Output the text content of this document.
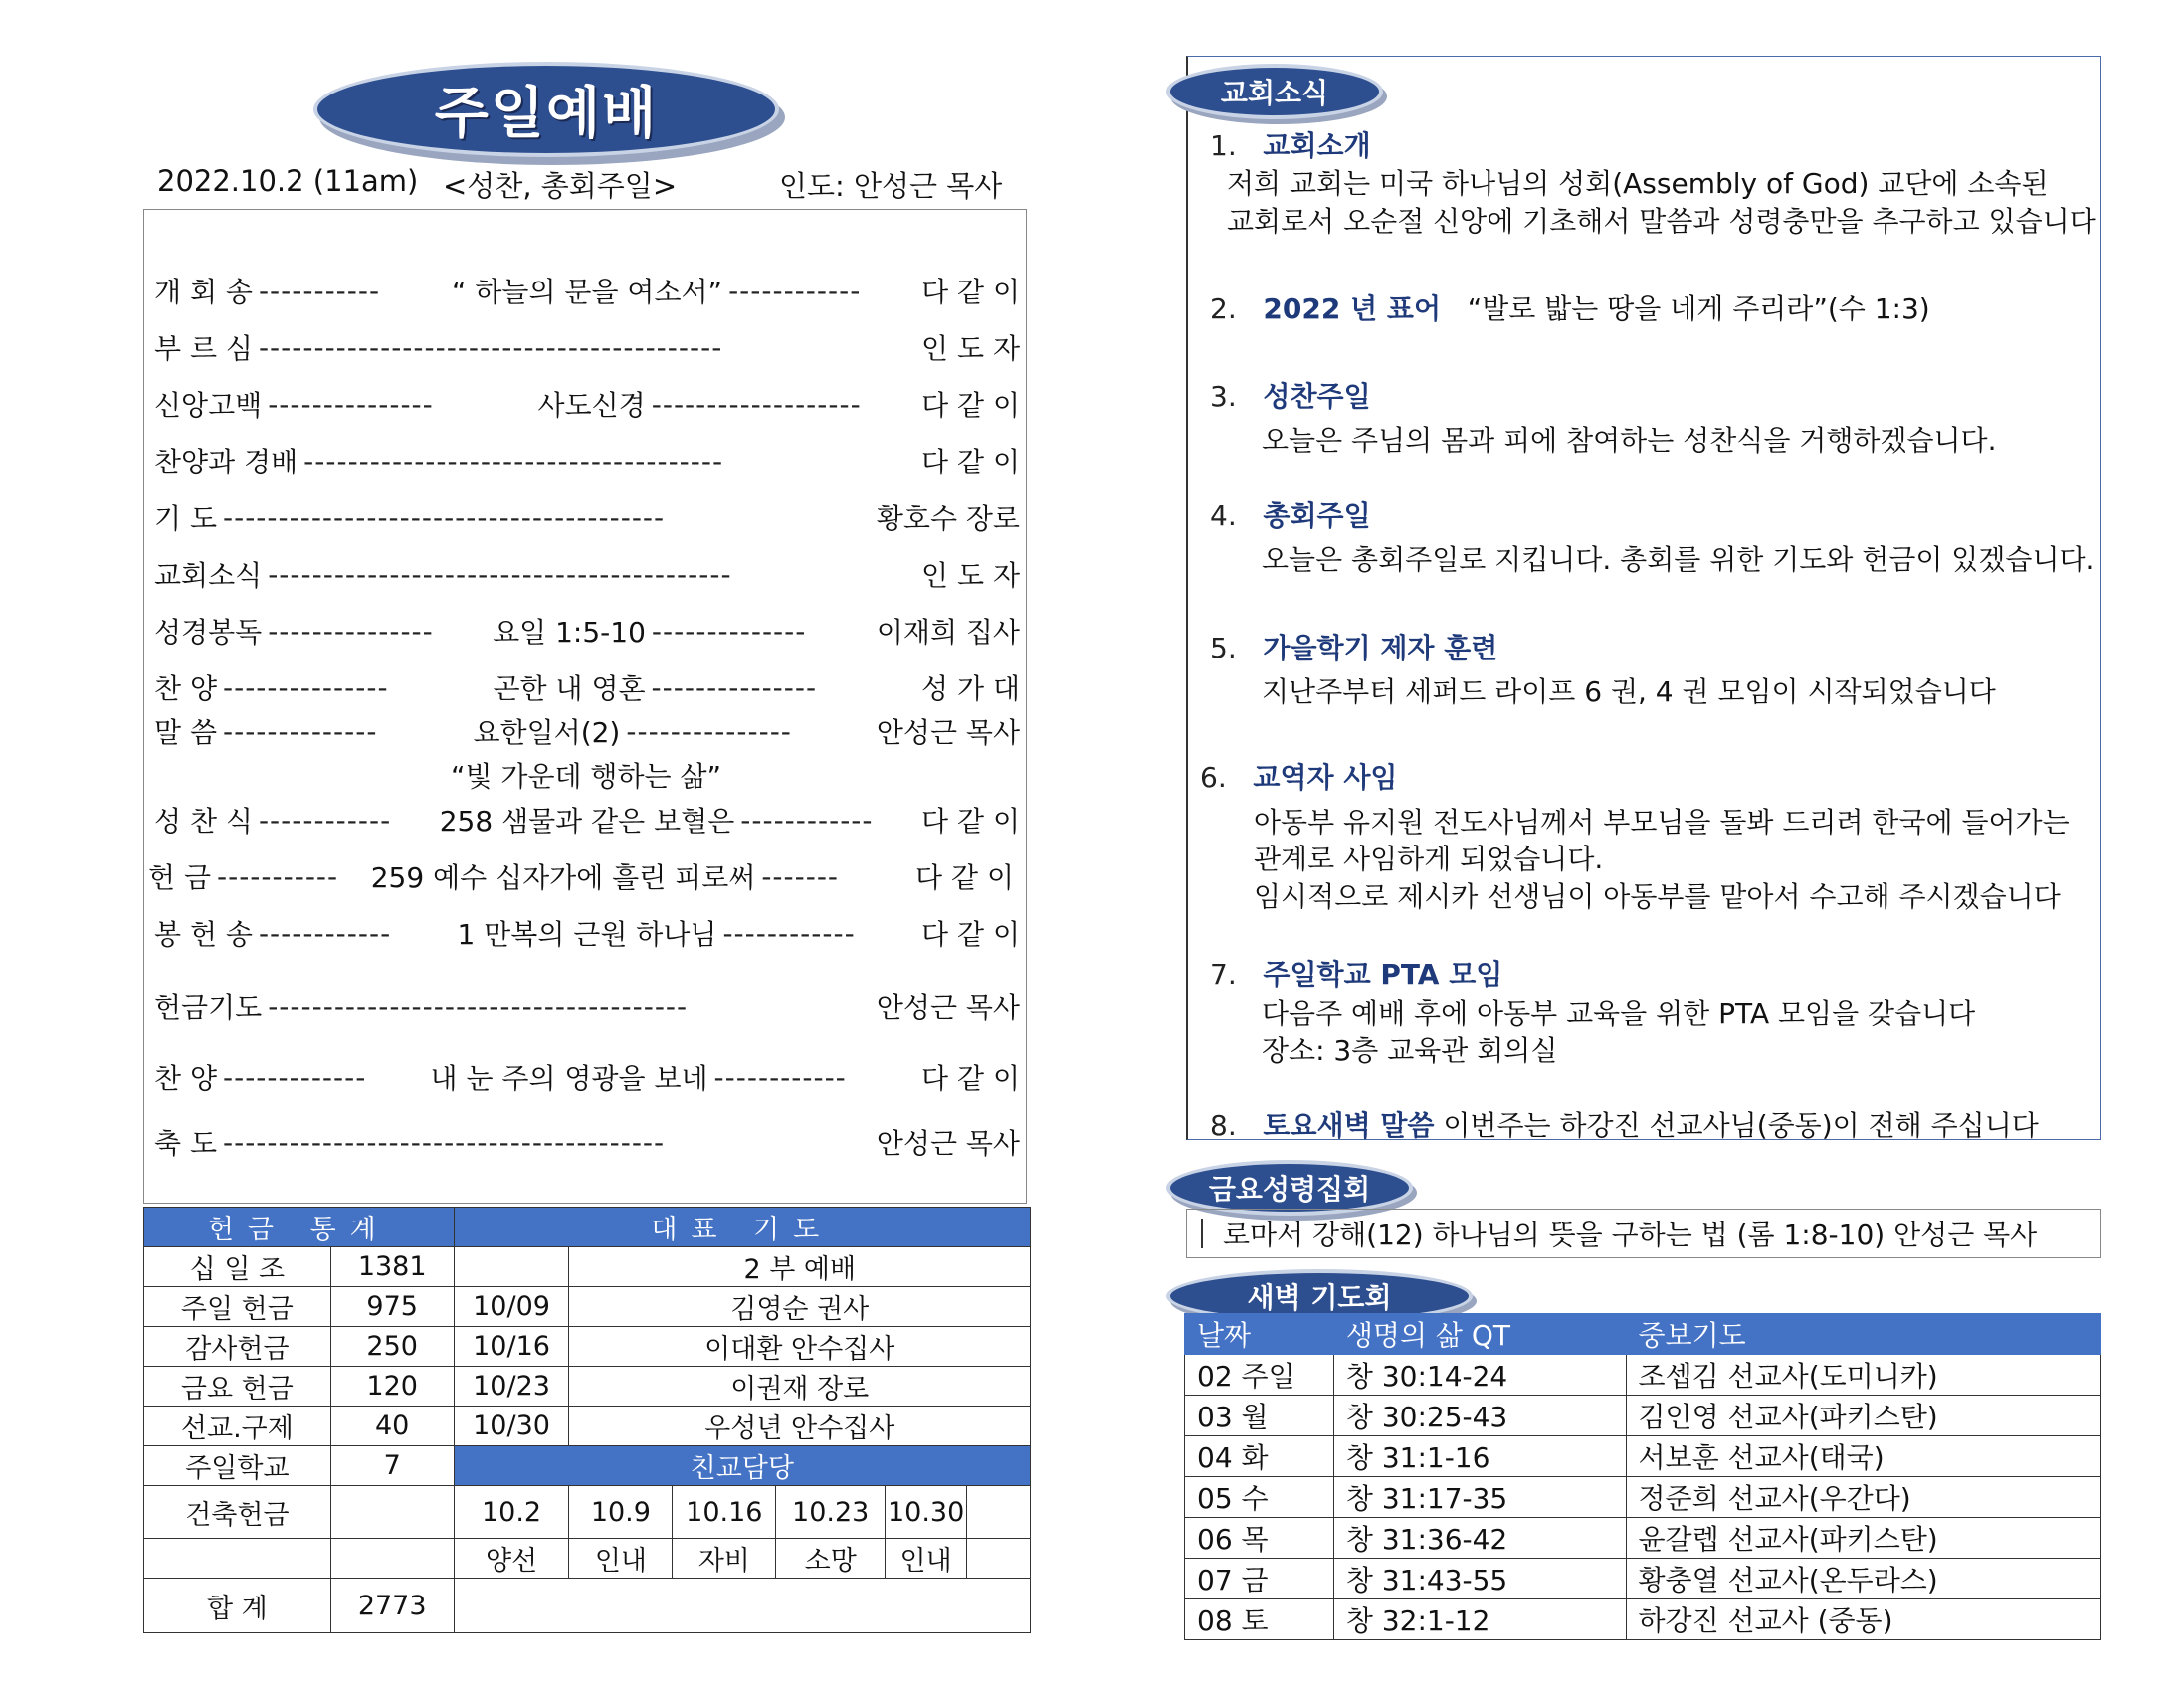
주일예배
2022.10.2 (11am) <성찬, 총회주일>	인도: 안성근 목사
개 회 송 -----------	“ 하늘의 문을 여소서” ------------	다 같 이
부 르 심 ------------------------------------------	인 도 자
신앙고백 ---------------	사도신경 -------------------	다 같 이
찬양과 경배 --------------------------------------	다 같 이
기 도 ----------------------------------------	황호수 장로
교회소식 ------------------------------------------	인 도 자
성경봉독 ---------------	요일 1:5-10 --------------	이재희 집사
찬 양 ---------------	곤한 내 영혼 ---------------	성 가 대
말 씀 --------------	요한일서(2) ---------------	안성근 목사
“빛 가운데 행하는 삶”
성 찬 식 ------------	258 샘물과 같은 보혈은 ------------	다 같 이
헌 금 -----------	259 예수 십자가에 흘린 피로써 -------	다 같 이
봉 헌 송 ------------	1 만복의 근원 하나님 ------------	다 같 이
헌금기도 --------------------------------------	안성근 목사
찬 양 -------------	내 눈 주의 영광을 보네 ------------	다 같 이
축 도 ----------------------------------------	안성근 목사
헌금 통계		대표 기도					
십 일 조	1381		2 부 예배				
주일 헌금	975	10/09	김영순 권사				
감사헌금	250	10/16	이대환 안수집사				
금요 헌금	120	10/23	이권재 장로				
선교.구제	40	10/30	우성년 안수집사				
주일학교	7	친교담당					
건축헌금		10.2	10.9	10.16	10.23	10.30	
		양선	인내	자비	소망	인내	
합 계	2773						
교회소식
1. 교회소개
저희 교회는 미국 하나님의 성회(Assembly of God) 교단에 소속된
교회로서 오순절 신앙에 기초해서 말씀과 성령충만을 추구하고 있습니다
2. 2022 년 표어 “발로 밟는 땅을 네게 주리라”(수 1:3)
3. 성찬주일
오늘은 주님의 몸과 피에 참여하는 성찬식을 거행하겠습니다.
4. 총회주일
오늘은 총회주일로 지킵니다. 총회를 위한 기도와 헌금이 있겠습니다.
5. 가을학기 제자 훈련
지난주부터 세퍼드 라이프 6 권, 4 권 모임이 시작되었습니다
6. 교역자 사임
아동부 유지원 전도사님께서 부모님을 돌봐 드리려 한국에 들어가는
관계로 사임하게 되었습니다.
임시적으로 제시카 선생님이 아동부를 맡아서 수고해 주시겠습니다
7. 주일학교 PTA 모임
다음주 예배 후에 아동부 교육을 위한 PTA 모임을 갖습니다
장소: 3층 교육관 회의실
8. 토요새벽 말씀 이번주는 하강진 선교사님(중동)이 전해 주십니다
금요성령집회
로마서 강해(12) 하나님의 뜻을 구하는 법 (롬 1:8-10) 안성근 목사
새벽 기도회
날짜	생명의 삶 QT	중보기도
02 주일	창 30:14-24	조셉김 선교사(도미니카)
03 월	창 30:25-43	김인영 선교사(파키스탄)
04 화	창 31:1-16	서보훈 선교사(태국)
05 수	창 31:17-35	정준희 선교사(우간다)
06 목	창 31:36-42	윤갈렙 선교사(파키스탄)
07 금	창 31:43-55	황충열 선교사(온두라스)
08 토	창 32:1-12	하강진 선교사 (중동)
